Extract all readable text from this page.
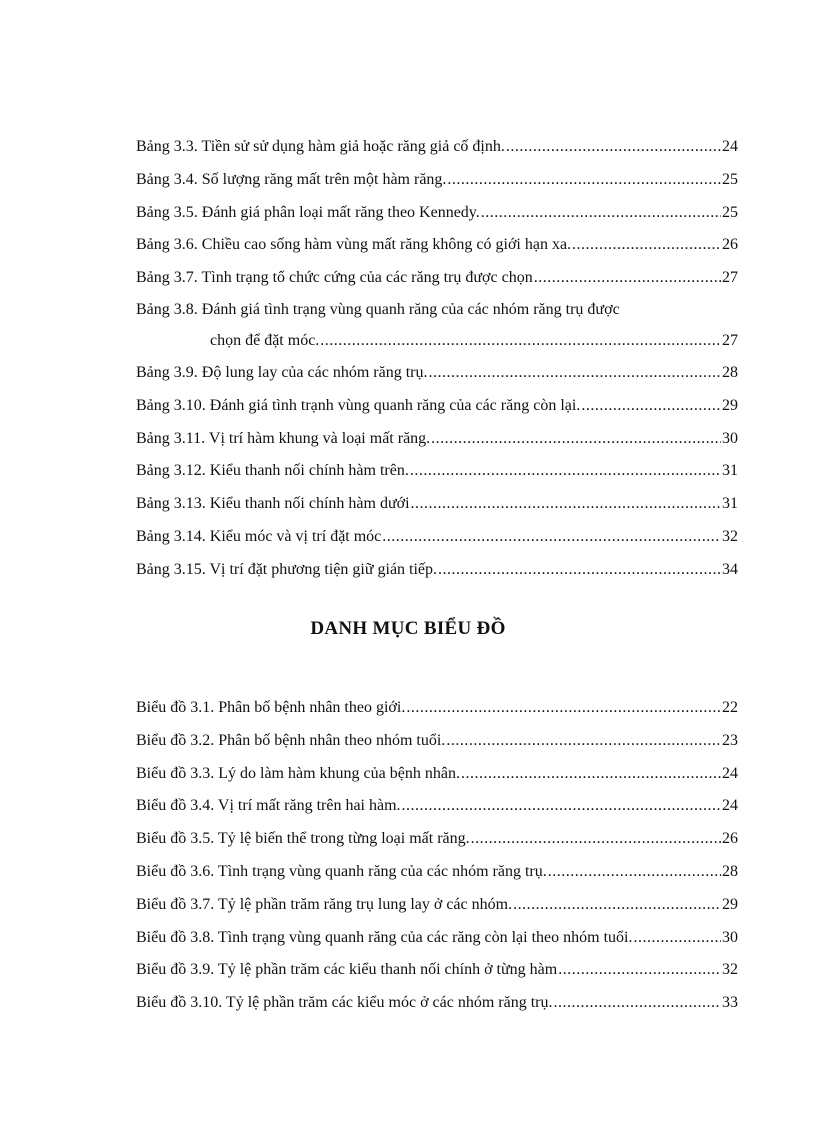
Bảng 3.3. Tiền sử sử dụng hàm giả hoặc răng giả cố định. .....	24
Bảng 3.4. Số lượng răng mất trên một hàm răng. .....	25
Bảng 3.5. Đánh giá phân loại mất răng theo Kennedy. .....	25
Bảng 3.6. Chiều cao sống hàm vùng mất răng không có giới hạn xa. .....	26
Bảng 3.7. Tình trạng tổ chức cứng của các răng trụ được chọn .....	27
Bảng 3.8. Đánh giá tình trạng vùng quanh răng của các nhóm răng trụ được
chọn để đặt móc. .....	27
Bảng 3.9. Độ lung lay của các nhóm răng trụ. .....	28
Bảng 3.10. Đánh giá tình trạnh vùng quanh răng của các răng còn lại. .....	29
Bảng 3.11. Vị trí hàm khung và loại mất răng. .....	30
Bảng 3.12. Kiểu thanh nối chính hàm trên. .....	31
Bảng 3.13. Kiểu thanh nối chính hàm dưới .....	31
Bảng 3.14. Kiểu móc và vị trí đặt móc .....	32
Bảng 3.15. Vị trí đặt phương tiện giữ gián tiếp. .....	34
DANH MỤC BIỂU ĐỒ
Biểu đồ 3.1. Phân bố bệnh nhân theo giới. .....	22
Biểu đồ 3.2. Phân bố bệnh nhân theo nhóm tuổi. .....	23
Biểu đồ 3.3. Lý do làm hàm khung của bệnh nhân. .....	24
Biểu đồ 3.4. Vị trí mất răng trên hai hàm. .....	24
Biểu đồ 3.5. Tỷ lệ biến thể trong từng loại mất răng. .....	26
Biểu đồ 3.6. Tình trạng vùng quanh răng của các nhóm răng trụ. .....	28
Biểu đồ 3.7. Tỷ lệ phần trăm răng trụ lung lay ở các nhóm. .....	29
Biểu đồ 3.8. Tình trạng vùng quanh răng của các răng còn lại theo nhóm tuổi. .....	30
Biểu đồ 3.9. Tỷ lệ phần trăm các kiểu thanh nối chính ở từng hàm .....	32
Biểu đồ 3.10. Tỷ lệ phần trăm các kiểu móc ở các nhóm răng trụ. .....	33
